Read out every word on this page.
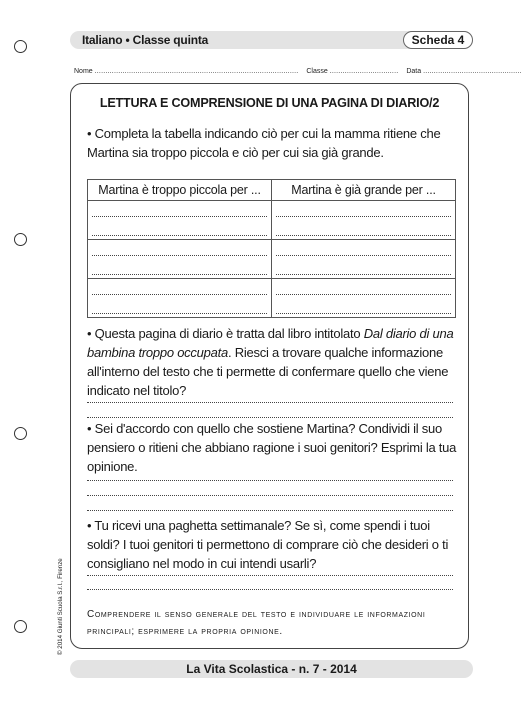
Italiano • Classe quinta	Scheda 4
Nome ............................................................................................... Classe ................................ Data ..............................................
LETTURA E COMPRENSIONE DI UNA PAGINA DI DIARIO/2
• Completa la tabella indicando ciò per cui la mamma ritiene che Martina sia troppo piccola e ciò per cui sia già grande.
Martina è troppo piccola per ...	Martina è già grande per ...

• Questa pagina di diario è tratta dal libro intitolato Dal diario di una bambina troppo occupata. Riesci a trovare qualche informazione all'interno del testo che ti permette di confermare quello che viene indicato nel titolo?
• Sei d'accordo con quello che sostiene Martina? Condividi il suo pensiero o ritieni che abbiano ragione i suoi genitori? Esprimi la tua opinione.
• Tu ricevi una paghetta settimanale? Se sì, come spendi i tuoi soldi? I tuoi genitori ti permettono di comprare ciò che desideri o ti consigliano nel modo in cui intendi usarli?
Comprendere il senso generale del testo e individuare le informazioni principali; esprimere la propria opinione.
© 2014 Giunti Scuola S.r.l., Firenze
La Vita Scolastica - n. 7 - 2014
